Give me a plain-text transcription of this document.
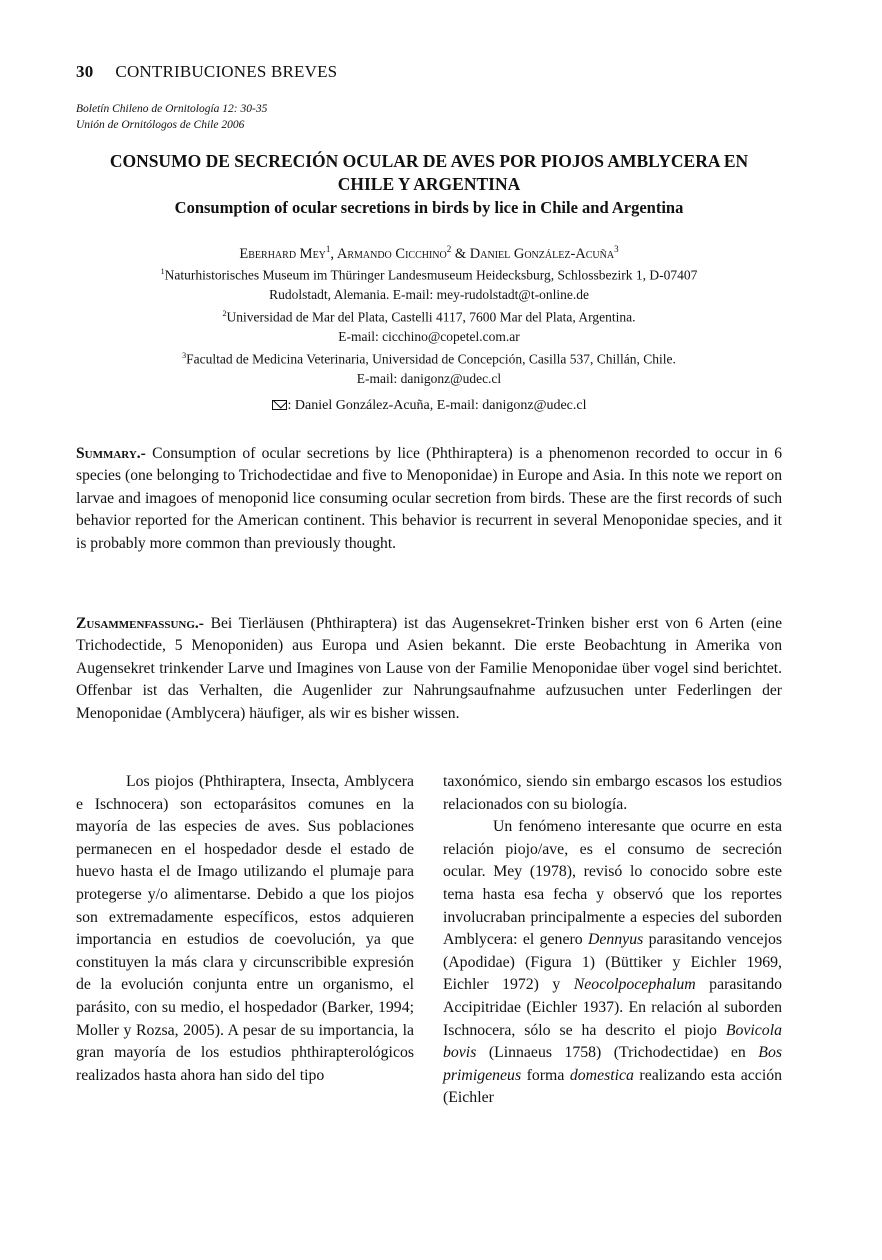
30 CONTRIBUCIONES BREVES
Boletín Chileno de Ornitología 12: 30-35
Unión de Ornitólogos de Chile 2006
CONSUMO DE SECRECIÓN OCULAR DE AVES POR PIOJOS AMBLYCERA EN
CHILE Y ARGENTINA
Consumption of ocular secretions in birds by lice in Chile and Argentina
Eberhard Mey$^1$, Armando Cicchino$^2$ & Daniel González-Acuña$^3$
$^1$Naturhistorisches Museum im Thüringer Landesmuseum Heidecksburg, Schlossbezirk 1, D-07407
Rudolstadt, Alemania. E-mail: mey-rudolstadt@t-online.de
$^2$Universidad de Mar del Plata, Castelli 4117, 7600 Mar del Plata, Argentina.
E-mail: cicchino@copetel.com.ar
$^3$Facultad de Medicina Veterinaria, Universidad de Concepción, Casilla 537, Chillán, Chile.
E-mail: danigonz@udec.cl
: Daniel González-Acuña, E-mail: danigonz@udec.cl
Summary.- Consumption of ocular secretions by lice (Phthiraptera) is a phenomenon recorded to occur in 6 species (one belonging to Trichodectidae and five to Menoponidae) in Europe and Asia. In this note we report on larvae and imagoes of menoponid lice consuming ocular secretion from birds. These are the first records of such behavior reported for the American continent. This behavior is recurrent in several Menoponidae species, and it is probably more common than previously thought.
Zusammenfassung.- Bei Tierläusen (Phthiraptera) ist das Augensekret-Trinken bisher erst von 6 Arten (eine Trichodectide, 5 Menoponiden) aus Europa und Asien bekannt. Die erste Beobachtung in Amerika von Augensekret trinkender Larve und Imagines von Lause von der Familie Menoponidae über vogel sind berichtet. Offenbar ist das Verhalten, die Augenlider zur Nahrungsaufnahme aufzusuchen unter Federlingen der Menoponidae (Amblycera) häufiger, als wir es bisher wissen.

Los piojos (Phthiraptera, Insecta, Amblycera e Ischnocera) son ectoparásitos comunes en la mayoría de las especies de aves. Sus poblaciones permanecen en el hospedador desde el estado de huevo hasta el de Imago utilizando el plumaje para protegerse y/o alimentarse. Debido a que los piojos son extremadamente específicos, estos adquieren importancia en estudios de coevolución, ya que constituyen la más clara y circunscribible expresión de la evolución conjunta entre un organismo, el parásito, con su medio, el hospedador (Barker, 1994; Moller y Rozsa, 2005). A pesar de su importancia, la gran mayoría de los estudios phthirapterológicos realizados hasta ahora han sido del tipo

taxonómico, siendo sin embargo escasos los estudios relacionados con su biología.

Un fenómeno interesante que ocurre en esta relación piojo/ave, es el consumo de secreción ocular. Mey (1978), revisó lo conocido sobre este tema hasta esa fecha y observó que los reportes involucraban principalmente a especies del suborden Amblycera: el genero Dennyus parasitando vencejos (Apodidae) (Figura 1) (Büttiker y Eichler 1969, Eichler 1972) y Neocolpocephalum parasitando Accipitridae (Eichler 1937). En relación al suborden Ischnocera, sólo se ha descrito el piojo Bovicola bovis (Linnaeus 1758) (Trichodectidae) en Bos primigeneus forma domestica realizando esta acción (Eichler
